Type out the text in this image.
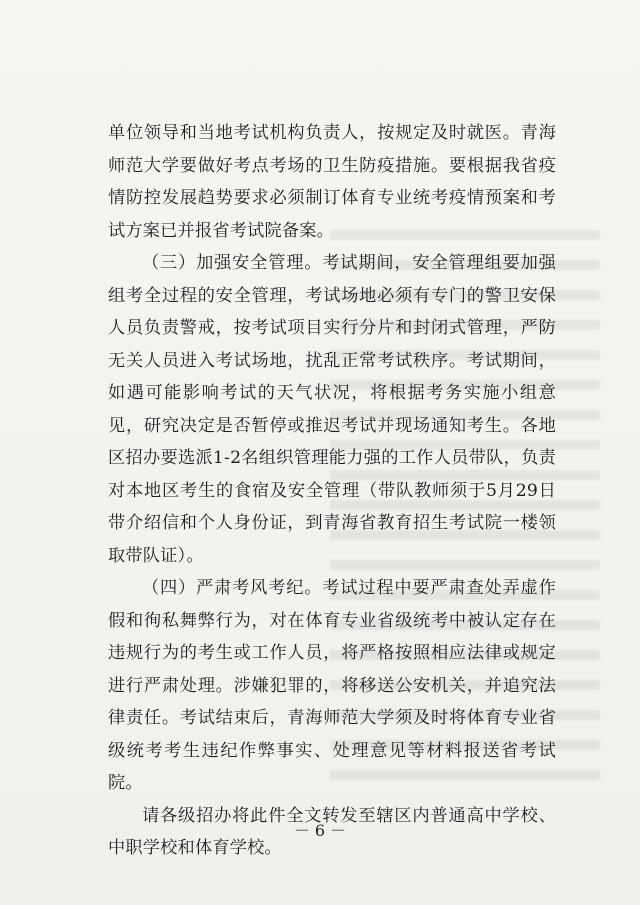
单位领导和当地考试机构负责人，按规定及时就医。青海师范大学要做好考点考场的卫生防疫措施。要根据我省疫情防控发展趋势要求必须制订体育专业统考疫情预案和考试方案已并报省考试院备案。

（三）加强安全管理。考试期间，安全管理组要加强组考全过程的安全管理，考试场地必须有专门的警卫安保人员负责警戒，按考试项目实行分片和封闭式管理，严防无关人员进入考试场地，扰乱正常考试秩序。考试期间，如遇可能影响考试的天气状况，将根据考务实施小组意见，研究决定是否暂停或推迟考试并现场通知考生。各地区招办要选派1-2名组织管理能力强的工作人员带队，负责对本地区考生的食宿及安全管理（带队教师须于5月29日带介绍信和个人身份证，到青海省教育招生考试院一楼领取带队证）。

（四）严肃考风考纪。考试过程中要严肃查处弄虚作假和徇私舞弊行为，对在体育专业省级统考中被认定存在违规行为的考生或工作人员，将严格按照相应法律或规定进行严肃处理。涉嫌犯罪的，将移送公安机关，并追究法律责任。考试结束后，青海师范大学须及时将体育专业省级统考考生违纪作弊事实、处理意见等材料报送省考试院。

请各级招办将此件全文转发至辖区内普通高中学校、中职学校和体育学校。

－ 6 －
